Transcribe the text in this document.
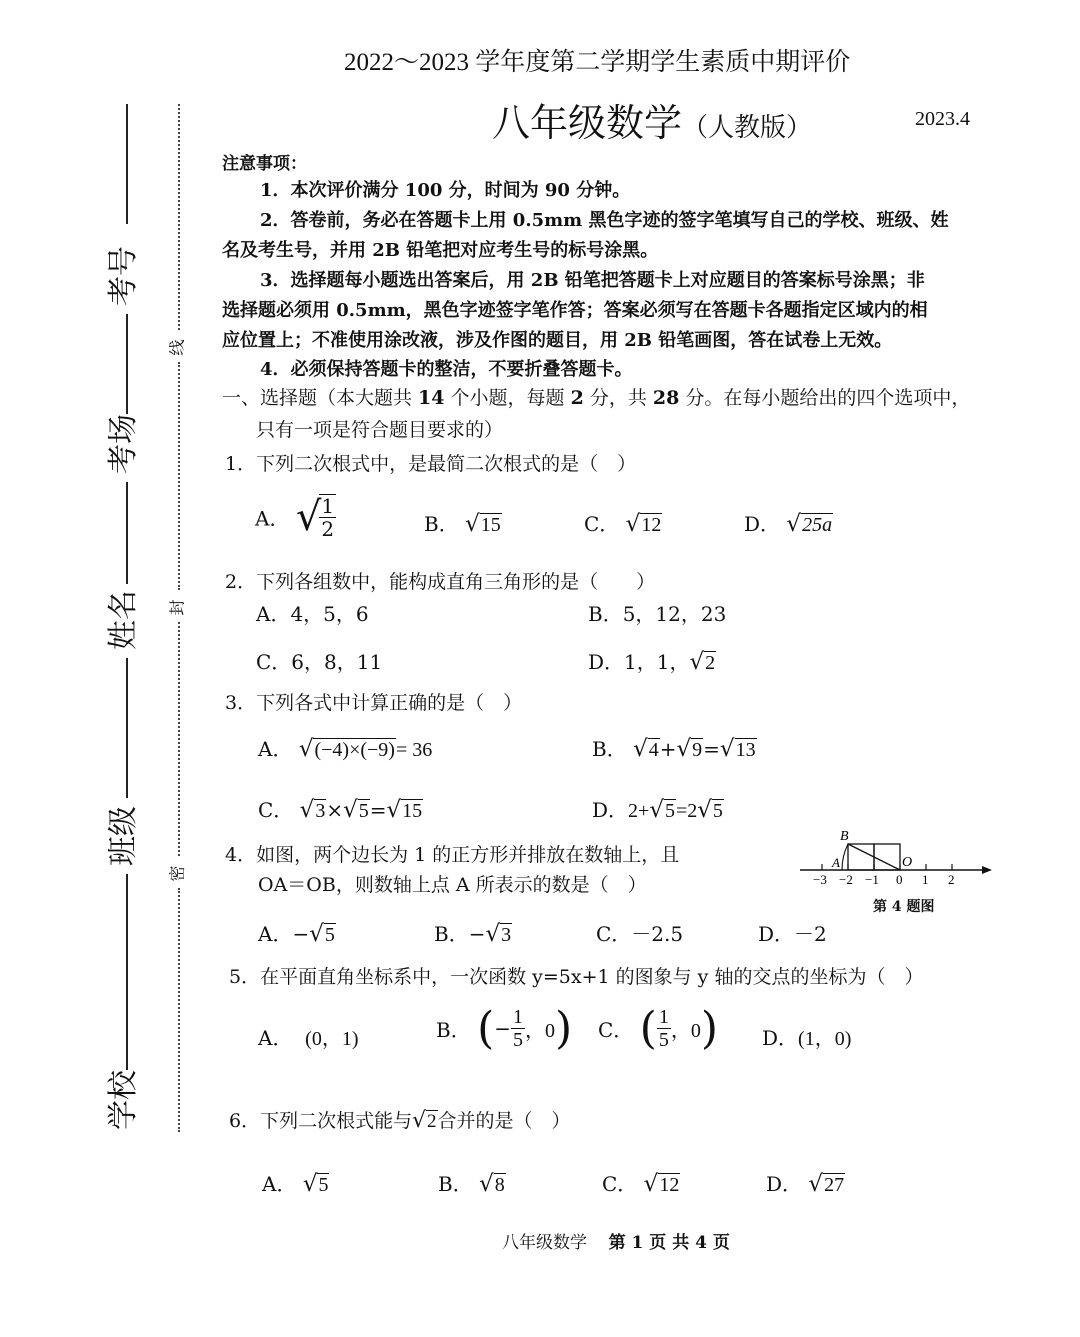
2022～2023 学年度第二学期学生素质中期评价
八年级数学（人教版）	2023.4
考号
考场
姓名
班级
学校
线
封
密
注意事项：
1．本次评价满分 100 分，时间为 90 分钟。
2．答卷前，务必在答题卡上用 0.5mm 黑色字迹的签字笔填写自己的学校、班级、姓
名及考生号，并用 2B 铅笔把对应考生号的标号涂黑。
3．选择题每小题选出答案后，用 2B 铅笔把答题卡上对应题目的答案标号涂黑；非
选择题必须用 0.5mm，黑色字迹签字笔作答；答案必须写在答题卡各题指定区域内的相
应位置上；不准使用涂改液，涉及作图的题目，用 2B 铅笔画图，答在试卷上无效。
4．必须保持答题卡的整洁，不要折叠答题卡。
一、选择题（本大题共 14 个小题，每题 2 分，共 28 分。在每小题给出的四个选项中，
只有一项是符合题目要求的）
1．下列二次根式中，是最简二次根式的是（　）
A． √
$\frac{1}{2}$	B． √15	C． √12	D． √25a
2．下列各组数中，能构成直角三角形的是（　　）
A．4，5，6	B．5，12，23
C．6，8，11	D．1，1，√2
3．下列各式中计算正确的是（　）
A． √(−4)×(−9)= 36	B． √4+√9=√13
C． √3×√5=√15	D．2+√5=2√5
4．如图，两个边长为 1 的正方形并排放在数轴上，且
OA＝OB，则数轴上点 A 所表示的数是（　）
B
A	O
−3 −2 −1 0 1 2
第 4 题图
A．−√5	B．−√3	C．－2.5	D．－2
5．在平面直角坐标系中，一次函数 y=5x+1 的图象与 y 轴的交点的坐标为（　）
A． (0，1)	B． (− $\frac{1}{5}$ ，0) C． ( $\frac{1}{5}$ ，0) D．(1，0)
6．下列二次根式能与√2合并的是（　）
A． √5	B． √8	C． √12	D． √27
八年级数学 第 1 页 共 4 页
